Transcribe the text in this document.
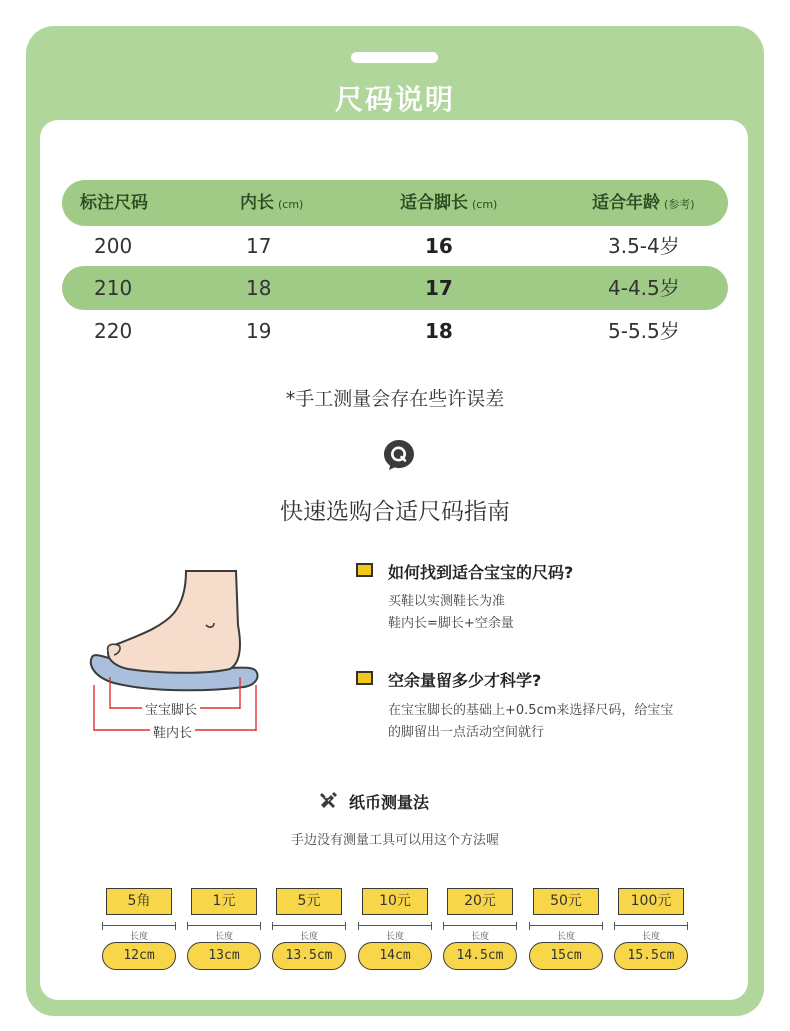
尺码说明
标注尺码	内长 (cm)	适合脚长 (cm)	适合年龄 (参考)
200	17	16	3.5-4岁
210	18	17	4-4.5岁
220	19	18	5-5.5岁
*手工测量会存在些许误差
快速选购合适尺码指南
宝宝脚长
鞋内长
如何找到适合宝宝的尺码?
买鞋以实测鞋长为准
鞋内长=脚长+空余量
空余量留多少才科学?
在宝宝脚长的基础上+0.5cm来选择尺码，给宝宝
的脚留出一点活动空间就行
纸币测量法
手边没有测量工具可以用这个方法喔
5角
长度
12cm
1元
长度
13cm
5元
长度
13.5cm
10元
长度
14cm
20元
长度
14.5cm
50元
长度
15cm
100元
长度
15.5cm
